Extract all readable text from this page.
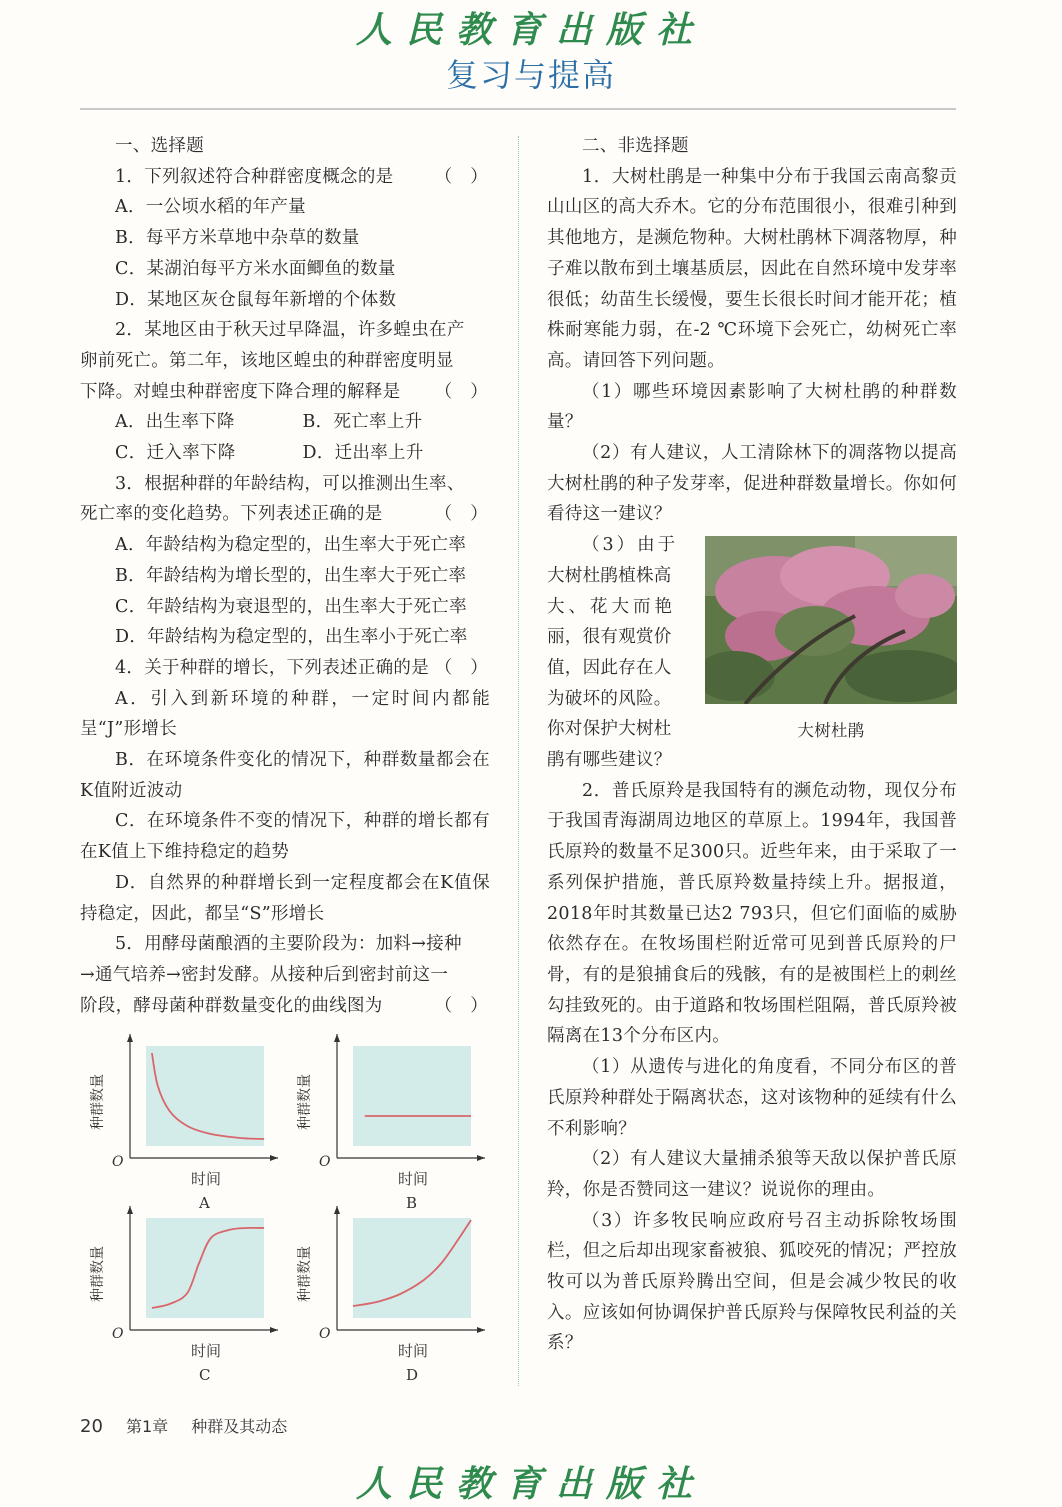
人民教育出版社
复习与提高

一、选择题

1．下列叙述符合种群密度概念的是 （　）

A．一公顷水稻的年产量

B．每平方米草地中杂草的数量

C．某湖泊每平方米水面鲫鱼的数量

D．某地区灰仓鼠每年新增的个体数

2．某地区由于秋天过早降温，许多蝗虫在产

卵前死亡。第二年，该地区蝗虫的种群密度明显

下降。对蝗虫种群密度下降合理的解释是 （　）
A．出生率下降	B．死亡率上升
C．迁入率下降	D．迁出率上升

3．根据种群的年龄结构，可以推测出生率、

死亡率的变化趋势。下列表述正确的是	（　）

A．年龄结构为稳定型的，出生率大于死亡率

B．年龄结构为增长型的，出生率大于死亡率

C．年龄结构为衰退型的，出生率大于死亡率

D．年龄结构为稳定型的，出生率小于死亡率

4．关于种群的增长，下列表述正确的是 （　）

A．引入到新环境的种群，一定时间内都能呈“J”形增长

B．在环境条件变化的情况下，种群数量都会在K值附近波动

C．在环境条件不变的情况下，种群的增长都有在K值上下维持稳定的趋势

D．自然界的种群增长到一定程度都会在K值保持稳定，因此，都呈“S”形增长

5．用酵母菌酿酒的主要阶段为：加料→接种

→通气培养→密封发酵。从接种后到密封前这一

阶段，酵母菌种群数量变化的曲线图为	（　）
O
时间
种群数量
A
O
时间
种群数量
B
O
时间
种群数量
C
O
时间
种群数量
D

二、非选择题

1．大树杜鹃是一种集中分布于我国云南高黎贡山山区的高大乔木。它的分布范围很小，很难引种到其他地方，是濒危物种。大树杜鹃林下凋落物厚，种子难以散布到土壤基质层，因此在自然环境中发芽率很低；幼苗生长缓慢，要生长很长时间才能开花；植株耐寒能力弱，在-2 ℃环境下会死亡，幼树死亡率高。请回答下列问题。

（1）哪些环境因素影响了大树杜鹃的种群数量？

（2）有人建议，人工清除林下的凋落物以提高大树杜鹃的种子发芽率，促进种群数量增长。你如何看待这一建议？

（3）由于

大树杜鹃植株高

大、花大而艳

丽，很有观赏价

值，因此存在人

为破坏的风险。

你对保护大树杜	大树杜鹃

鹃有哪些建议？

2．普氏原羚是我国特有的濒危动物，现仅分布于我国青海湖周边地区的草原上。1994年，我国普氏原羚的数量不足300只。近些年来，由于采取了一系列保护措施，普氏原羚数量持续上升。据报道，2018年时其数量已达2 793只，但它们面临的威胁依然存在。在牧场围栏附近常可见到普氏原羚的尸骨，有的是狼捕食后的残骸，有的是被围栏上的刺丝勾挂致死的。由于道路和牧场围栏阻隔，普氏原羚被隔离在13个分布区内。

（1）从遗传与进化的角度看，不同分布区的普氏原羚种群处于隔离状态，这对该物种的延续有什么不利影响？

（2）有人建议大量捕杀狼等天敌以保护普氏原羚，你是否赞同这一建议？说说你的理由。

（3）许多牧民响应政府号召主动拆除牧场围栏，但之后却出现家畜被狼、狐咬死的情况；严控放牧可以为普氏原羚腾出空间，但是会减少牧民的收入。应该如何协调保护普氏原羚与保障牧民利益的关系？

20 第1章 种群及其动态
人民教育出版社
